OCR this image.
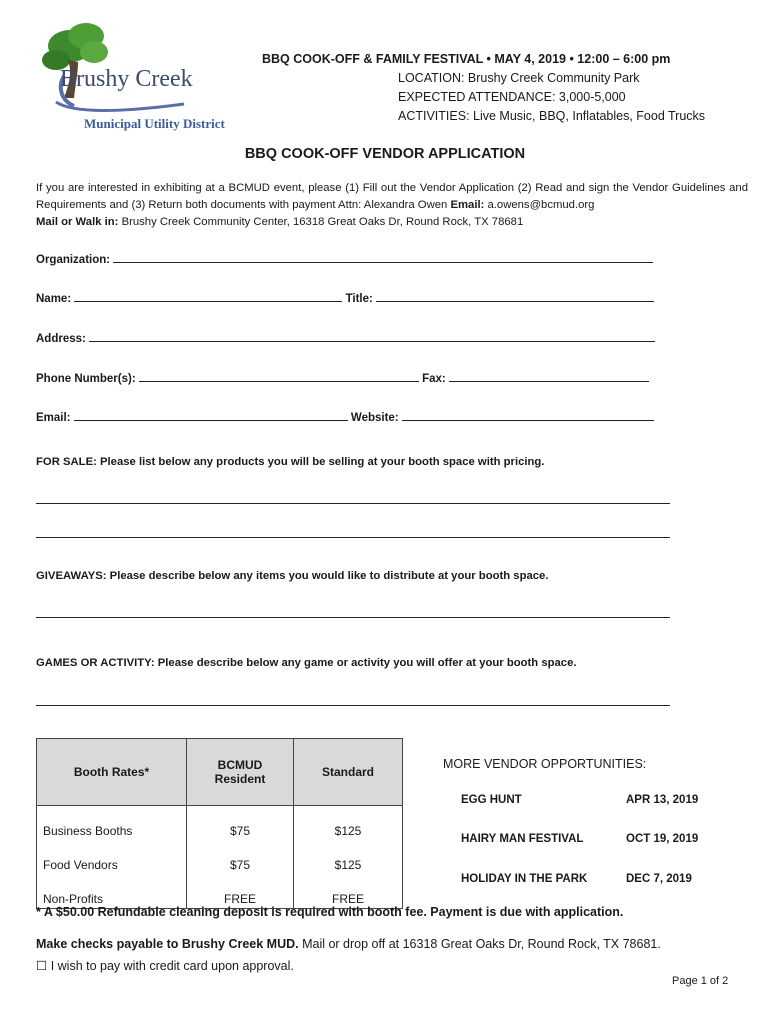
Brushy Creek
Municipal Utility District
BBQ COOK-OFF & FAMILY FESTIVAL • MAY 4, 2019 • 12:00 – 6:00 pm
LOCATION: Brushy Creek Community Park
EXPECTED ATTENDANCE: 3,000-5,000
ACTIVITIES: Live Music, BBQ, Inflatables, Food Trucks
BBQ COOK-OFF VENDOR APPLICATION
If you are interested in exhibiting at a BCMUD event, please (1) Fill out the Vendor Application (2) Read and sign the Vendor Guidelines and Requirements and (3) Return both documents with payment Attn: Alexandra Owen Email: a.owens@bcmud.org
Mail or Walk in: Brushy Creek Community Center, 16318 Great Oaks Dr, Round Rock, TX 78681
Organization:
Name:	Title:
Address:
Phone Number(s):	Fax:
Email:	Website:
FOR SALE: Please list below any products you will be selling at your booth space with pricing.
GIVEAWAYS: Please describe below any items you would like to distribute at your booth space.
GAMES OR ACTIVITY: Please describe below any game or activity you will offer at your booth space.
Booth Rates*	BCMUD Resident	Standard
Business Booths	$75	$125
Food Vendors	$75	$125
Non-Profits	FREE	FREE
MORE VENDOR OPPORTUNITIES:
EGG HUNT	APR 13, 2019
HAIRY MAN FESTIVAL	OCT 19, 2019
HOLIDAY IN THE PARK	DEC 7, 2019
* A $50.00 Refundable cleaning deposit is required with booth fee. Payment is due with application.
Make checks payable to Brushy Creek MUD. Mail or drop off at 16318 Great Oaks Dr, Round Rock, TX 78681.
☐ I wish to pay with credit card upon approval.
Page 1 of 2
